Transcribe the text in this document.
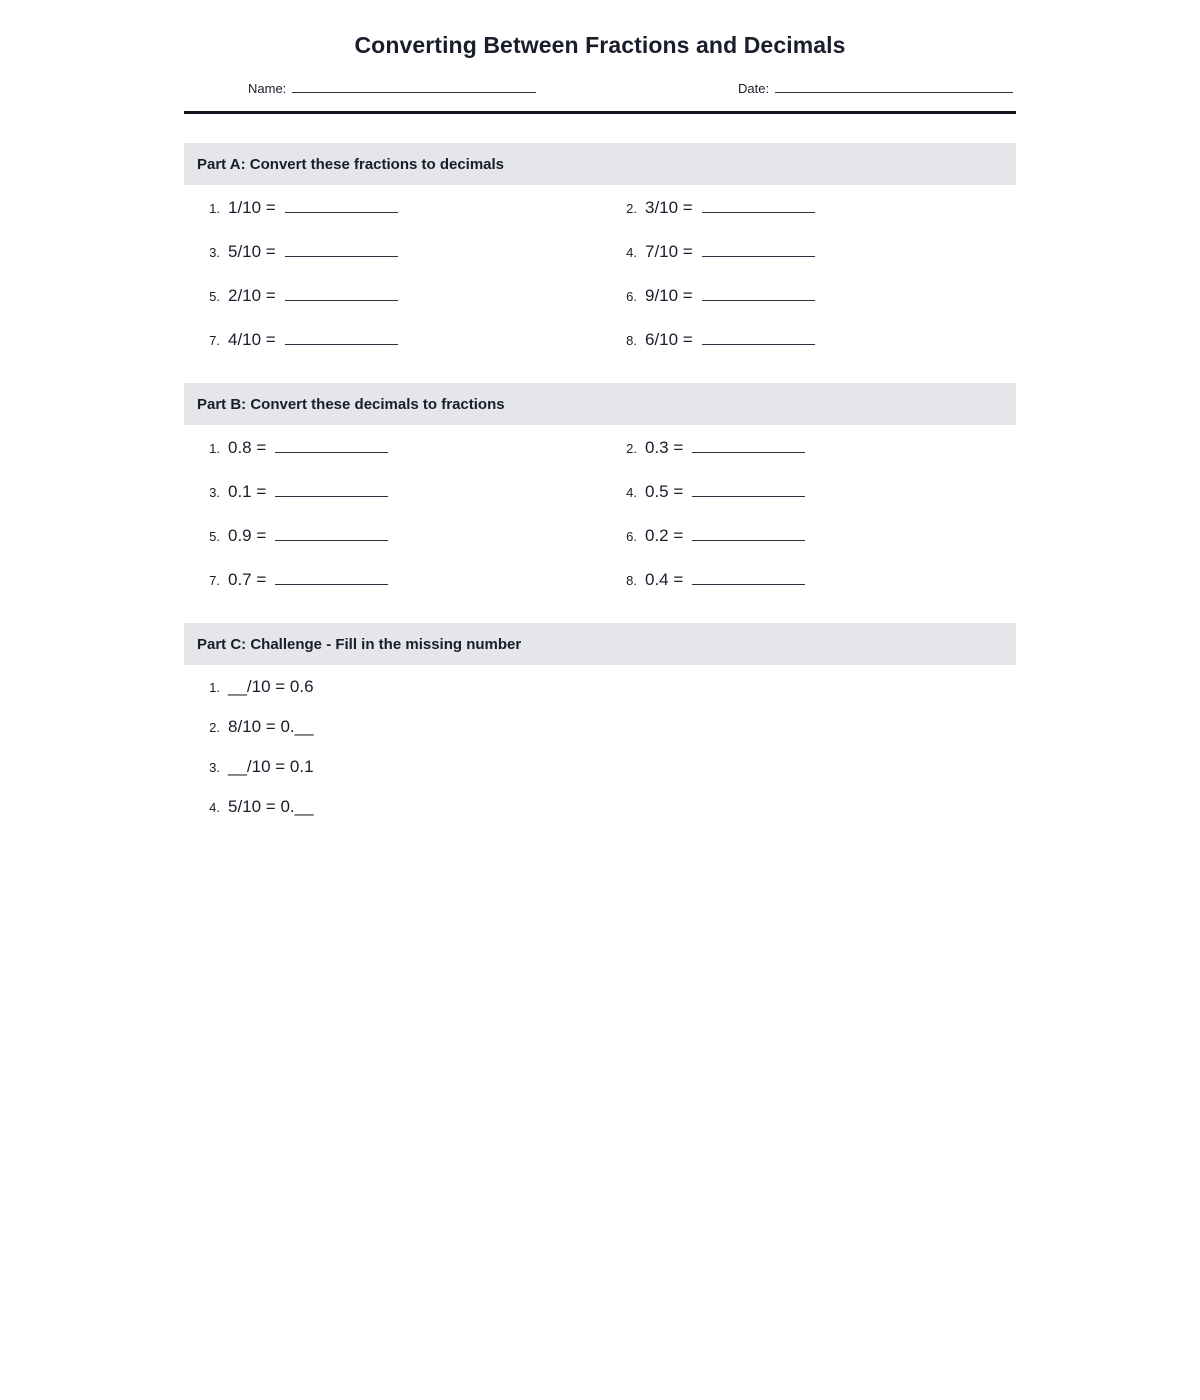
Converting Between Fractions and Decimals
Name:	Date:
Part A: Convert these fractions to decimals
1. 1/10 =	2. 3/10 =
3. 5/10 =	4. 7/10 =
5. 2/10 =	6. 9/10 =
7. 4/10 =	8. 6/10 =
Part B: Convert these decimals to fractions
1. 0.8 =	2. 0.3 =
3. 0.1 =	4. 0.5 =
5. 0.9 =	6. 0.2 =
7. 0.7 =	8. 0.4 =
Part C: Challenge - Fill in the missing number
1. __/10 = 0.6
2. 8/10 = 0.__
3. __/10 = 0.1
4. 5/10 = 0.__
